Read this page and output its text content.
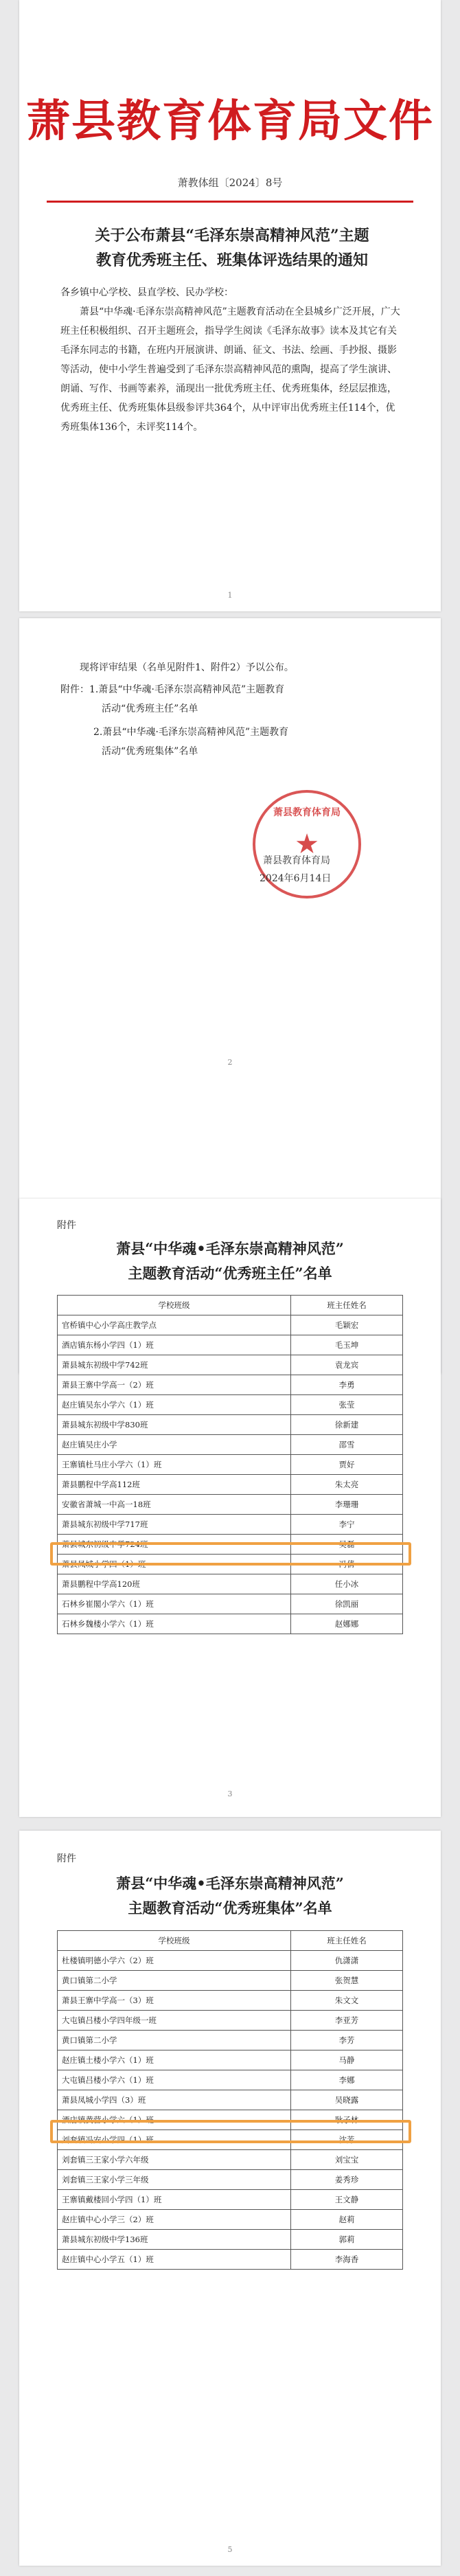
萧县教育体育局文件
萧教体组〔2024〕8号
关于公布萧县“毛泽东崇高精神风范”主题
教育优秀班主任、班集体评选结果的通知
各乡镇中心学校、县直学校、民办学校：
萧县“中华魂·毛泽东崇高精神风范”主题教育活动在全县城乡广泛开展，广大班主任积极组织、召开主题班会，指导学生阅读《毛泽东故事》读本及其它有关毛泽东同志的书籍，在班内开展演讲、朗诵、征文、书法、绘画、手抄报、摄影等活动，使中小学生普遍受到了毛泽东崇高精神风范的熏陶，提高了学生演讲、朗诵、写作、书画等素养，涌现出一批优秀班主任、优秀班集体，经层层推选，优秀班主任、优秀班集体县级参评共364个，从中评审出优秀班主任114个，优秀班集体136个，未评奖114个。
1
现将评审结果（名单见附件1、附件2）予以公布。
附件：1.萧县“中华魂·毛泽东崇高精神风范”主题教育
活动“优秀班主任”名单
2.萧县“中华魂·毛泽东崇高精神风范”主题教育
活动“优秀班集体”名单
萧县教育体育局
★
萧县教育体育局
2024年6月14日
2
附件
萧县“中华魂•毛泽东崇高精神风范”
主题教育活动“优秀班主任”名单
学校班级	班主任姓名
官桥镇中心小学高庄教学点	毛颖宏
酒店镇东杨小学四（1）班	毛玉坤
萧县城东初级中学742班	袁龙宾
萧县王寨中学高一（2）班	李勇
赵庄镇吴东小学六（1）班	张莹
萧县城东初级中学830班	徐新建
赵庄镇吴庄小学	邵雪
王寨镇杜马庄小学六（1）班	贾好
萧县鹏程中学高112班	朱太亮
安徽省萧城一中高一18班	李珊珊
萧县城东初级中学717班	李宁
萧县城东初级中学724班	吴磊
萧县凤城小学四（1）班	冯倩
萧县鹏程中学高120班	任小冰
石林乡崔閣小学六（1）班	徐凯丽
石林乡魏楼小学六（1）班	赵娜娜
3
附件
萧县“中华魂•毛泽东崇高精神风范”
主题教育活动“优秀班集体”名单
学校班级	班主任姓名
杜楼镇明德小学六（2）班	仇潇潇
黄口镇第二小学	张贺慧
萧县王寨中学高一（3）班	朱文文
大屯镇吕楼小学四年级一班	李亚芳
黄口镇第二小学	李芳
赵庄镇土楼小学六（1）班	马静
大屯镇吕楼小学六（1）班	李娜
萧县凤城小学四（3）班	吴晓露
酒店镇黄营小学六（1）班	耿子林
刘套镇冯安小学四（1）班	沈芳
刘套镇三王家小学六年级	刘宝宝
刘套镇三王家小学三年级	姜秀珍
王寨镇戴楼回小学四（1）班	王文静
赵庄镇中心小学三（2）班	赵莉
萧县城东初级中学136班	郭莉
赵庄镇中心小学五（1）班	李海香
5
